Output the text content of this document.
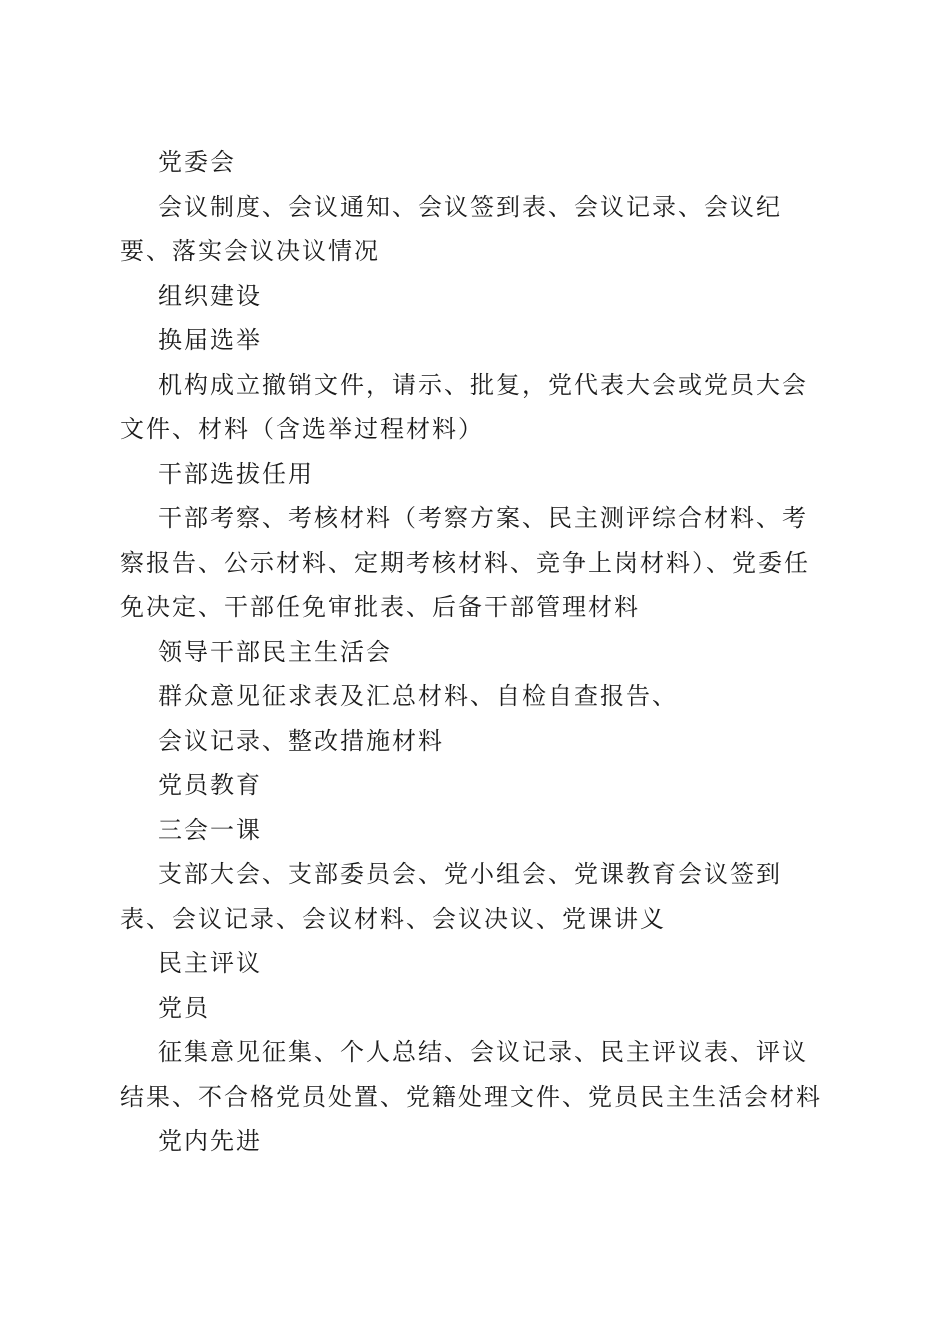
党委会

会议制度、会议通知、会议签到表、会议记录、会议纪要、落实会议决议情况

组织建设

换届选举

机构成立撤销文件，请示、批复，党代表大会或党员大会文件、材料（含选举过程材料）

干部选拔任用

干部考察、考核材料（考察方案、民主测评综合材料、考察报告、公示材料、定期考核材料、竞争上岗材料）、党委任免决定、干部任免审批表、后备干部管理材料

领导干部民主生活会

群众意见征求表及汇总材料、自检自查报告、

会议记录、整改措施材料

党员教育

三会一课

支部大会、支部委员会、党小组会、党课教育会议签到表、会议记录、会议材料、会议决议、党课讲义

民主评议

党员

征集意见征集、个人总结、会议记录、民主评议表、评议结果、不合格党员处置、党籍处理文件、党员民主生活会材料

党内先进
